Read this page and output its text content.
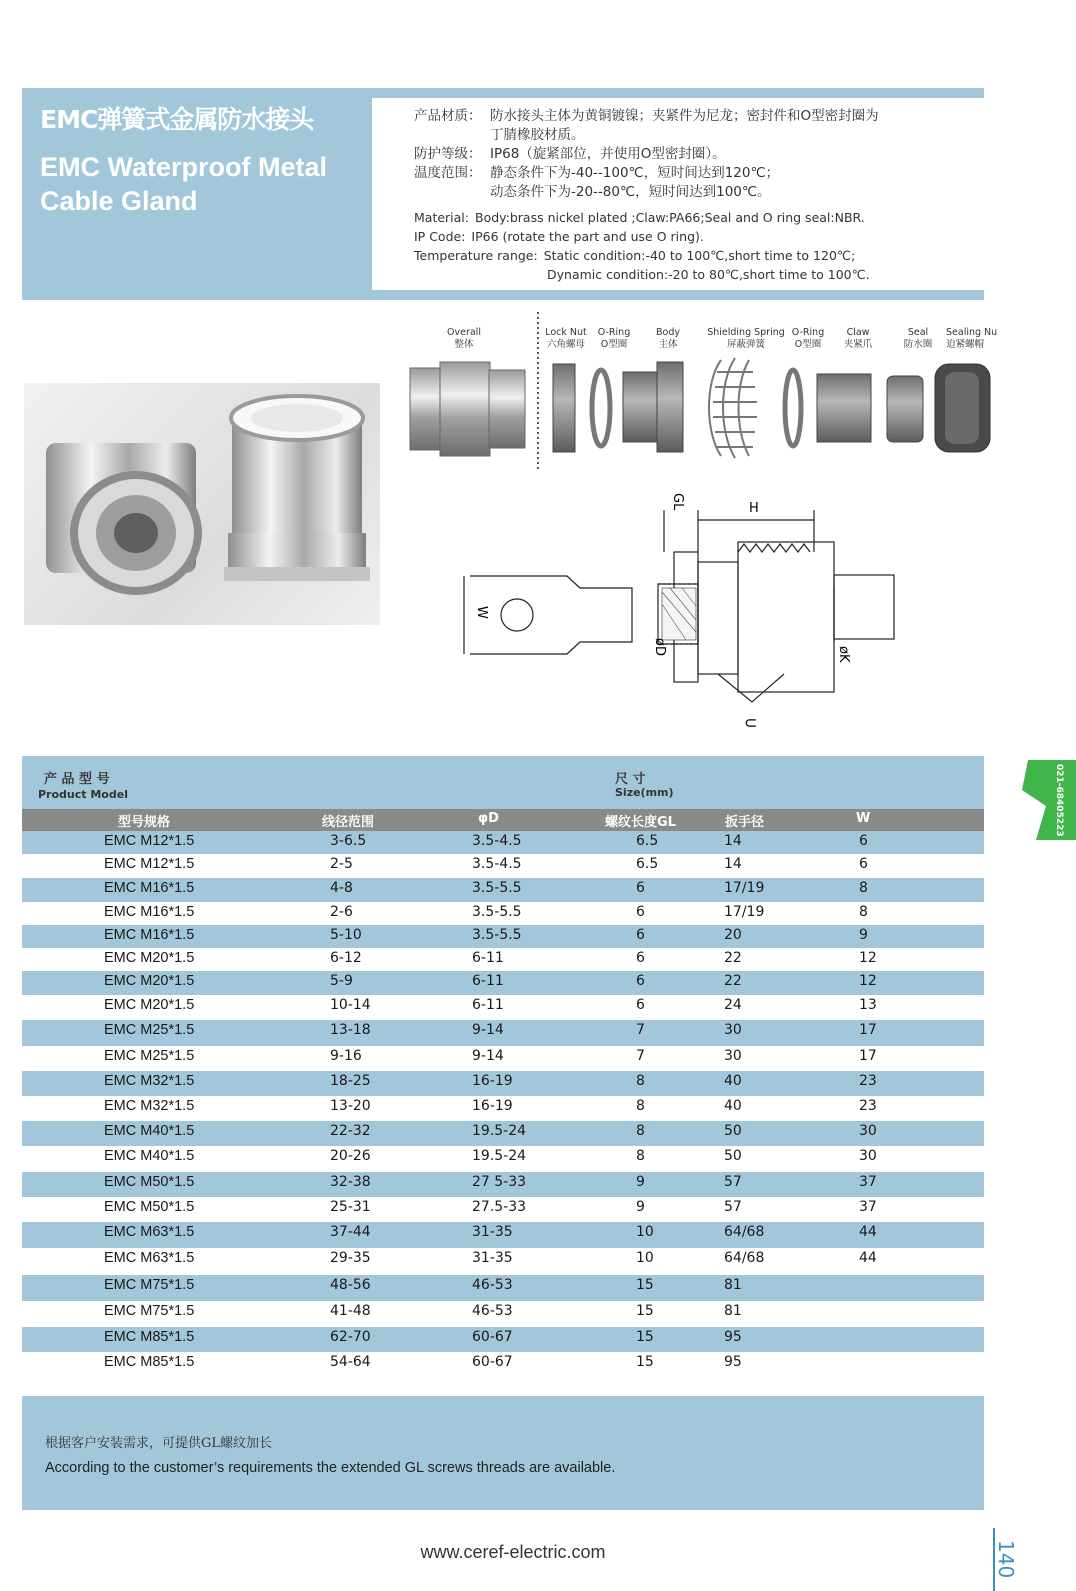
EMC弹簧式金属防水接头
EMC Waterproof Metal
Cable Gland
产品材质： 防水接头主体为黄铜镀镍；夹紧件为尼龙；密封件和O型密封圈为
丁腈橡胶材质。
防护等级： IP68（旋紧部位，并使用O型密封圈）。
温度范围： 静态条件下为-40--100℃，短时间达到120℃；
动态条件下为-20--80℃，短时间达到100℃。
Material: Body:brass nickel plated ;Claw:PA66;Seal and O ring seal:NBR.
IP Code: IP66 (rotate the part and use O ring).
Temperature range: Static condition:-40 to 100℃,short time to 120℃;
Dynamic condition:-20 to 80℃,short time to 100℃.
Overall
整体
Lock Nut
六角螺母
O-Ring
O型圈
Body
主体
Shielding Spring
屏蔽弹簧
O-Ring
O型圈
Claw
夹紧爪
Seal
防水圈
Sealing Nu
迫紧螺帽
GL	H
W
øD	øK
⊂
021-68405223
产 品 型 号
Product Model
尺 寸
Size(mm)
型号规格	线径范围	φD	螺纹长度GL	扳手径	W
EMC M12*1.5	3-6.5	3.5-4.5	6.5	14	6
EMC M12*1.5	2-5	3.5-4.5	6.5	14	6
EMC M16*1.5	4-8	3.5-5.5	6	17/19	8
EMC M16*1.5	2-6	3.5-5.5	6	17/19	8
EMC M16*1.5	5-10	3.5-5.5	6	20	9
EMC M20*1.5	6-12	6-11	6	22	12
EMC M20*1.5	5-9	6-11	6	22	12
EMC M20*1.5	10-14	6-11	6	24	13
EMC M25*1.5	13-18	9-14	7	30	17
EMC M25*1.5	9-16	9-14	7	30	17
EMC M32*1.5	18-25	16-19	8	40	23
EMC M32*1.5	13-20	16-19	8	40	23
EMC M40*1.5	22-32	19.5-24	8	50	30
EMC M40*1.5	20-26	19.5-24	8	50	30
EMC M50*1.5	32-38	27 5-33	9	57	37
EMC M50*1.5	25-31	27.5-33	9	57	37
EMC M63*1.5	37-44	31-35	10	64/68	44
EMC M63*1.5	29-35	31-35	10	64/68	44
EMC M75*1.5	48-56	46-53	15	81
EMC M75*1.5	41-48	46-53	15	81
EMC M85*1.5	62-70	60-67	15	95
EMC M85*1.5	54-64	60-67	15	95
根据客户安装需求，可提供GL螺纹加长
According to the customer’s requirements the extended GL screws threads are available.
www.ceref-electric.com	140
